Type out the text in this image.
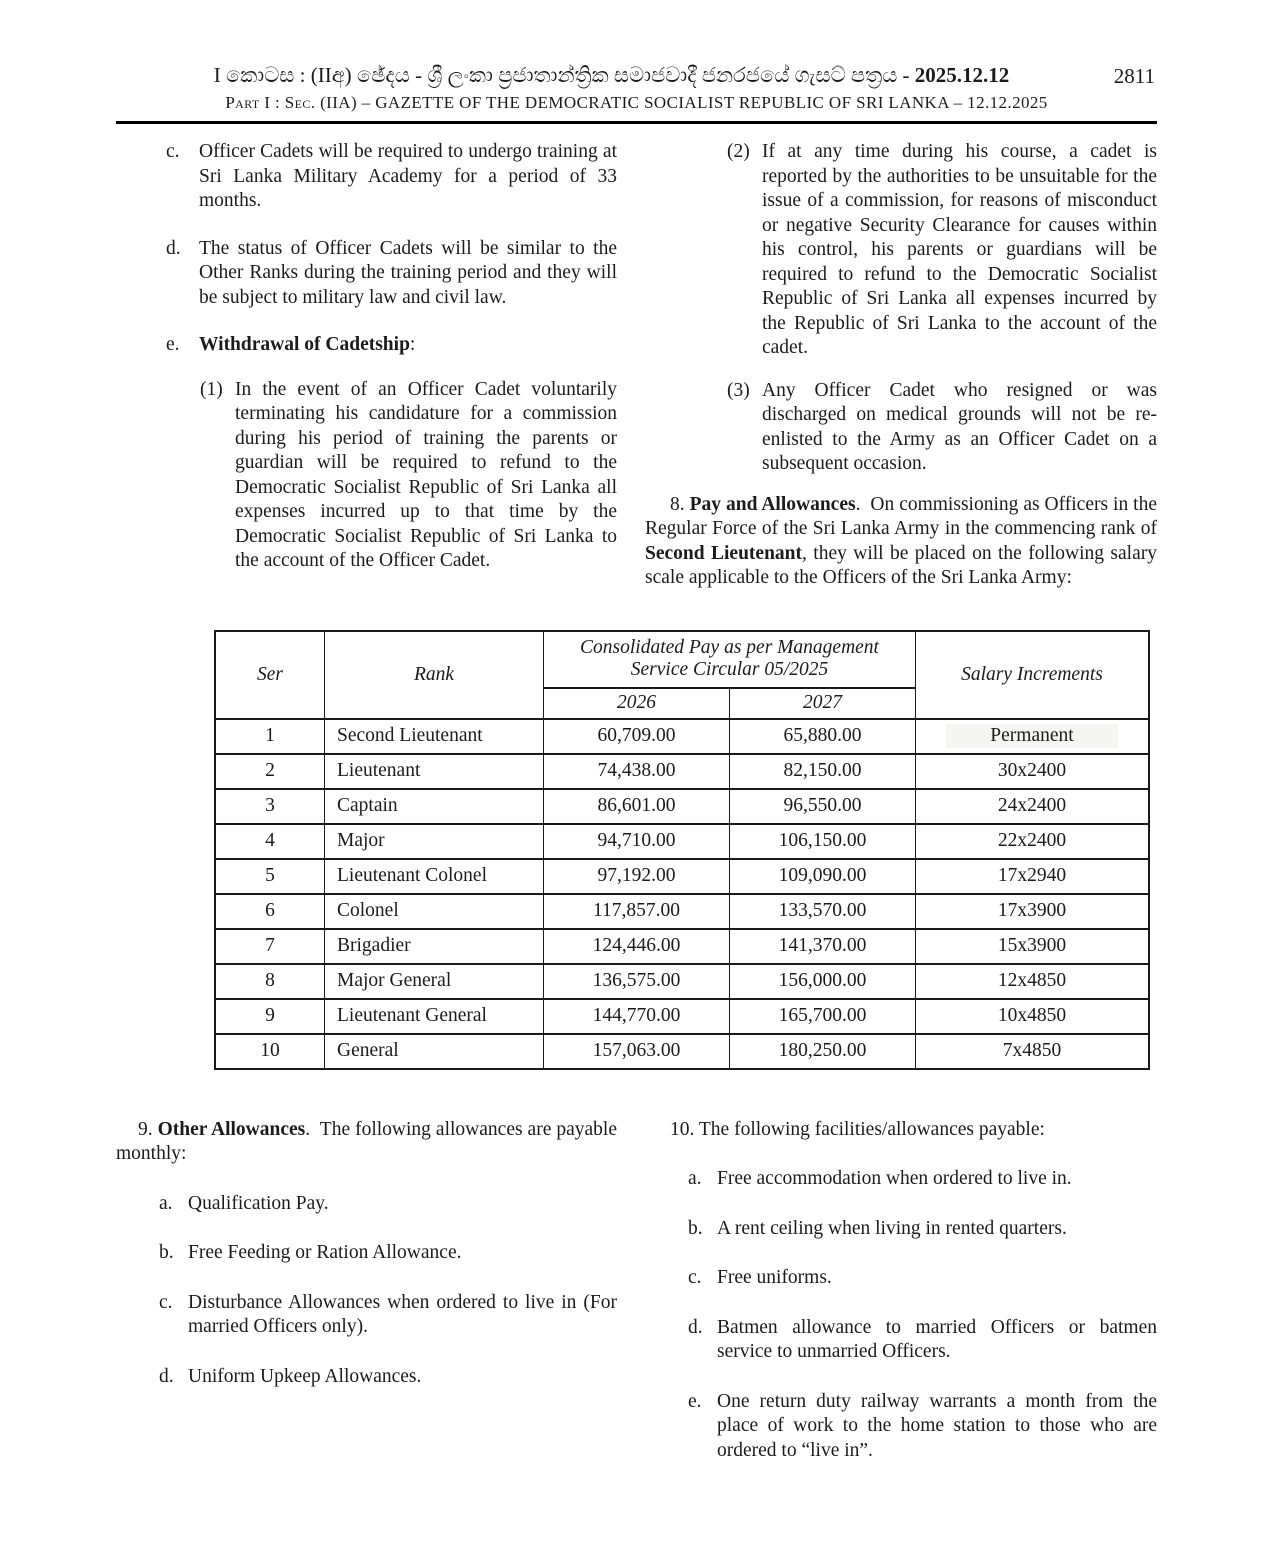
I කොටස : (IIඅ) ඡේදය - ශ්‍රී ලංකා ප්‍රජාතාන්ත්‍රික සමාජවාදී ජනරජයේ ගැසට් පත්‍රය - 2025.12.12	2811
Part I : Sec. (IIA) – GAZETTE OF THE DEMOCRATIC SOCIALIST REPUBLIC OF SRI LANKA – 12.12.2025
c. Officer Cadets will be required to undergo training at Sri Lanka Military Academy for a period of 33 months.
d. The status of Officer Cadets will be similar to the Other Ranks during the training period and they will be subject to military law and civil law.
e. Withdrawal of Cadetship:
(1) In the event of an Officer Cadet voluntarily terminating his candidature for a commission during his period of training the parents or guardian will be required to refund to the Democratic Socialist Republic of Sri Lanka all expenses incurred up to that time by the Democratic Socialist Republic of Sri Lanka to the account of the Officer Cadet.
(2) If at any time during his course, a cadet is reported by the authorities to be unsuitable for the issue of a commission, for reasons of misconduct or negative Security Clearance for causes within his control, his parents or guardians will be required to refund to the Democratic Socialist Republic of Sri Lanka all expenses incurred by the Republic of Sri Lanka to the account of the cadet.
(3) Any Officer Cadet who resigned or was discharged on medical grounds will not be re-enlisted to the Army as an Officer Cadet on a subsequent occasion.
8. Pay and Allowances.  On commissioning as Officers in the Regular Force of the Sri Lanka Army in the commencing rank of Second Lieutenant, they will be placed on the following salary scale applicable to the Officers of the Sri Lanka Army:
Ser	Rank	Consolidated Pay as per Management Service Circular 05/2025		Salary Increments
		2026	2027	
1	Second Lieutenant	60,709.00	65,880.00	Permanent
2	Lieutenant	74,438.00	82,150.00	30x2400
3	Captain	86,601.00	96,550.00	24x2400
4	Major	94,710.00	106,150.00	22x2400
5	Lieutenant Colonel	97,192.00	109,090.00	17x2940
6	Colonel	117,857.00	133,570.00	17x3900
7	Brigadier	124,446.00	141,370.00	15x3900
8	Major General	136,575.00	156,000.00	12x4850
9	Lieutenant General	144,770.00	165,700.00	10x4850
10	General	157,063.00	180,250.00	7x4850
9. Other Allowances.  The following allowances are payable monthly:
a. Qualification Pay.
b. Free Feeding or Ration Allowance.
c. Disturbance Allowances when ordered to live in (For married Officers only).
d. Uniform Upkeep Allowances.
10. The following facilities/allowances payable:
a. Free accommodation when ordered to live in.
b. A rent ceiling when living in rented quarters.
c. Free uniforms.
d. Batmen allowance to married Officers or batmen service to unmarried Officers.
e. One return duty railway warrants a month from the place of work to the home station to those who are ordered to “live in”.
